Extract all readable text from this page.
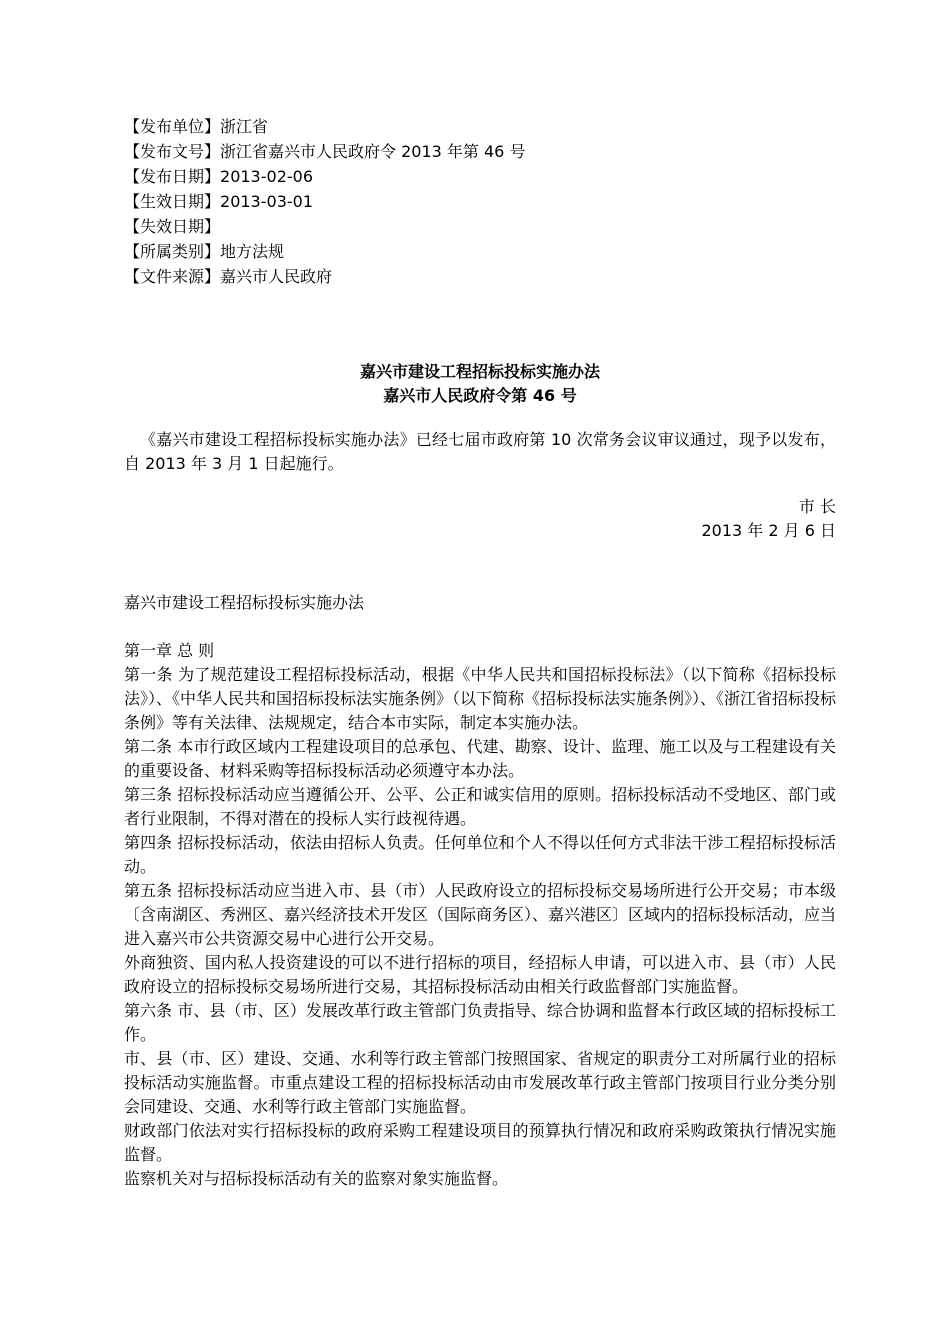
【发布单位】浙江省
【发布文号】浙江省嘉兴市人民政府令 2013 年第 46 号
【发布日期】2013-02-06
【生效日期】2013-03-01
【失效日期】
【所属类别】地方法规
【文件来源】嘉兴市人民政府
嘉兴市建设工程招标投标实施办法
嘉兴市人民政府令第 46 号
《嘉兴市建设工程招标投标实施办法》已经七届市政府第 10 次常务会议审议通过，现予以发布，自 2013 年 3 月 1 日起施行。
市 长
2013 年 2 月 6 日
嘉兴市建设工程招标投标实施办法
第一章 总 则
第一条 为了规范建设工程招标投标活动，根据《中华人民共和国招标投标法》（以下简称《招标投标法》）、《中华人民共和国招标投标法实施条例》（以下简称《招标投标法实施条例》）、《浙江省招标投标条例》等有关法律、法规规定，结合本市实际，制定本实施办法。
第二条 本市行政区域内工程建设项目的总承包、代建、勘察、设计、监理、施工以及与工程建设有关的重要设备、材料采购等招标投标活动必须遵守本办法。
第三条 招标投标活动应当遵循公开、公平、公正和诚实信用的原则。招标投标活动不受地区、部门或者行业限制，不得对潜在的投标人实行歧视待遇。
第四条 招标投标活动，依法由招标人负责。任何单位和个人不得以任何方式非法干涉工程招标投标活动。
第五条 招标投标活动应当进入市、县（市）人民政府设立的招标投标交易场所进行公开交易；市本级〔含南湖区、秀洲区、嘉兴经济技术开发区（国际商务区）、嘉兴港区〕区域内的招标投标活动，应当进入嘉兴市公共资源交易中心进行公开交易。
外商独资、国内私人投资建设的可以不进行招标的项目，经招标人申请，可以进入市、县（市）人民政府设立的招标投标交易场所进行交易，其招标投标活动由相关行政监督部门实施监督。
第六条 市、县（市、区）发展改革行政主管部门负责指导、综合协调和监督本行政区域的招标投标工作。
市、县（市、区）建设、交通、水利等行政主管部门按照国家、省规定的职责分工对所属行业的招标投标活动实施监督。市重点建设工程的招标投标活动由市发展改革行政主管部门按项目行业分类分别会同建设、交通、水利等行政主管部门实施监督。
财政部门依法对实行招标投标的政府采购工程建设项目的预算执行情况和政府采购政策执行情况实施监督。
监察机关对与招标投标活动有关的监察对象实施监督。
